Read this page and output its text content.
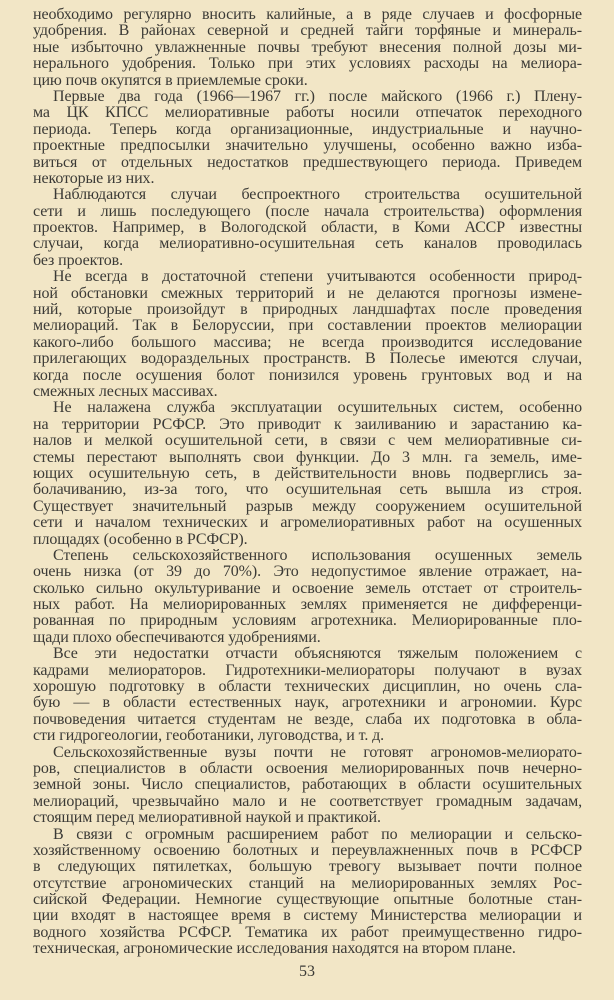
необходимо регулярно вносить калийные, а в ряде случаев и фосфорные
удобрения. В районах северной и средней тайги торфяные и минераль-
ные избыточно увлажненные почвы требуют внесения полной дозы ми-
нерального удобрения. Только при этих условиях расходы на мелиора-
цию почв окупятся в приемлемые сроки.
Первые два года (1966—1967 гг.) после майского (1966 г.) Плену-
ма ЦК КПСС мелиоративные работы носили отпечаток переходного
периода. Теперь когда организационные, индустриальные и научно-
проектные предпосылки значительно улучшены, особенно важно изба-
виться от отдельных недостатков предшествующего периода. Приведем
некоторые из них.
Наблюдаются случаи беспроектного строительства осушительной
сети и лишь последующего (после начала строительства) оформления
проектов. Например, в Вологодской области, в Коми АССР известны
случаи, когда мелиоративно-осушительная сеть каналов проводилась
без проектов.
Не всегда в достаточной степени учитываются особенности природ-
ной обстановки смежных территорий и не делаются прогнозы измене-
ний, которые произойдут в природных ландшафтах после проведения
мелиораций. Так в Белоруссии, при составлении проектов мелиорации
какого-либо большого массива; не всегда производится исследование
прилегающих водораздельных пространств. В Полесье имеются случаи,
когда после осушения болот понизился уровень грунтовых вод и на
смежных лесных массивах.
Не налажена служба эксплуатации осушительных систем, особенно
на территории РСФСР. Это приводит к заиливанию и зарастанию ка-
налов и мелкой осушительной сети, в связи с чем мелиоративные си-
стемы перестают выполнять свои функции. До 3 млн. га земель, име-
ющих осушительную сеть, в действительности вновь подверглись за-
болачиванию, из-за того, что осушительная сеть вышла из строя.
Существует значительный разрыв между сооружением осушительной
сети и началом технических и агромелиоративных работ на осушенных
площадях (особенно в РСФСР).
Степень сельскохозяйственного использования осушенных земель
очень низка (от 39 до 70%). Это недопустимое явление отражает, на-
сколько сильно окультуривание и освоение земель отстает от строитель-
ных работ. На мелиорированных землях применяется не дифференци-
рованная по природным условиям агротехника. Мелиорированные пло-
щади плохо обеспечиваются удобрениями.
Все эти недостатки отчасти объясняются тяжелым положением с
кадрами мелиораторов. Гидротехники-мелиораторы получают в вузах
хорошую подготовку в области технических дисциплин, но очень сла-
бую — в области естественных наук, агротехники и агрономии. Курс
почвоведения читается студентам не везде, слаба их подготовка в обла-
сти гидрогеологии, геоботаники, луговодства, и т. д.
Сельскохозяйственные вузы почти не готовят агрономов-мелиорато-
ров, специалистов в области освоения мелиорированных почв нечерно-
земной зоны. Число специалистов, работающих в области осушительных
мелиораций, чрезвычайно мало и не соответствует громадным задачам,
стоящим перед мелиоративной наукой и практикой.
В связи с огромным расширением работ по мелиорации и сельско-
хозяйственному освоению болотных и переувлажненных почв в РСФСР
в следующих пятилетках, большую тревогу вызывает почти полное
отсутствие агрономических станций на мелиорированных землях Рос-
сийской Федерации. Немногие существующие опытные болотные стан-
ции входят в настоящее время в систему Министерства мелиорации и
водного хозяйства РСФСР. Тематика их работ преимущественно гидро-
техническая, агрономические исследования находятся на втором плане.
53
